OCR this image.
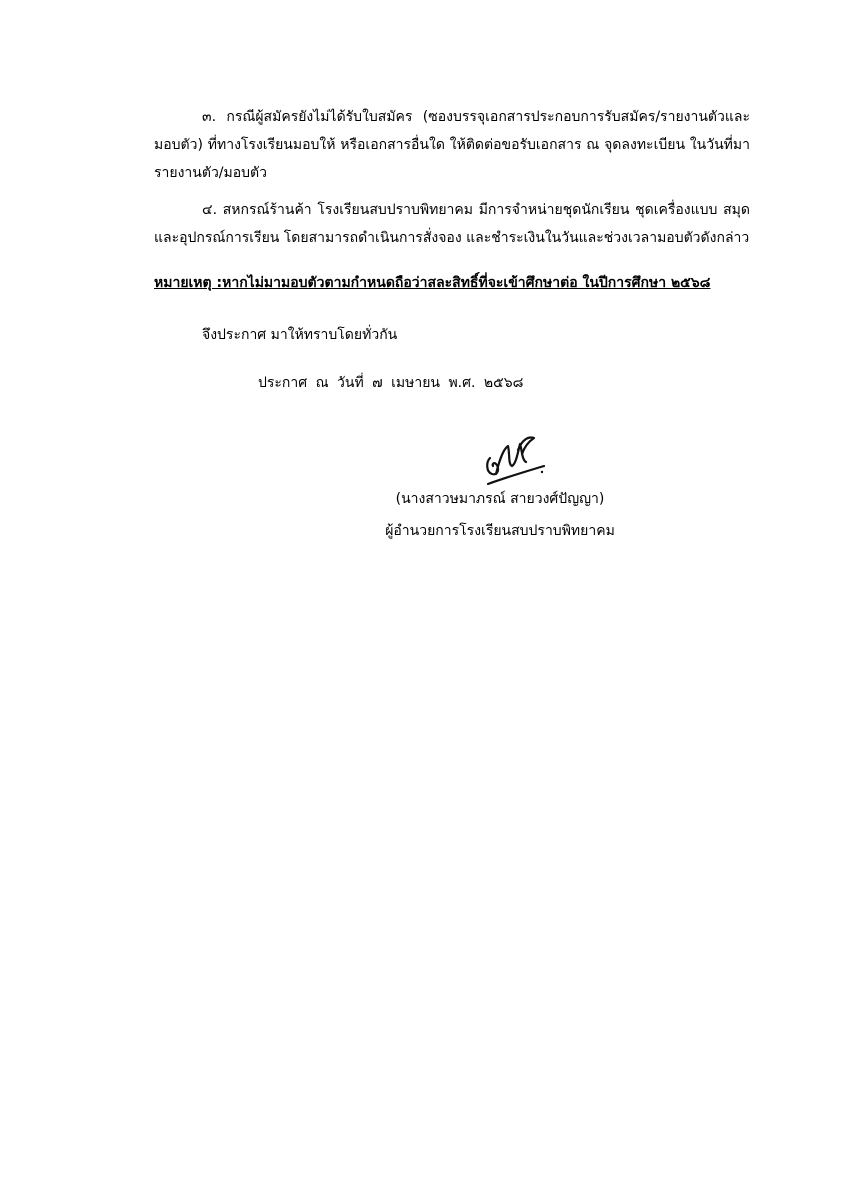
๓. กรณีผู้สมัครยังไม่ได้รับใบสมัคร (ซองบรรจุเอกสารประกอบการรับสมัคร/รายงานตัวและมอบตัว) ที่ทางโรงเรียนมอบให้ หรือเอกสารอื่นใด ให้ติดต่อขอรับเอกสาร ณ จุดลงทะเบียน ในวันที่มารายงานตัว/มอบตัว

๔. สหกรณ์ร้านค้า โรงเรียนสบปราบพิทยาคม มีการจำหน่ายชุดนักเรียน ชุดเครื่องแบบ สมุดและอุปกรณ์การเรียน โดยสามารถดำเนินการสั่งจอง และชำระเงินในวันและช่วงเวลามอบตัวดังกล่าว

หมายเหตุ :หากไม่มามอบตัวตามกำหนดถือว่าสละสิทธิ์ที่จะเข้าศึกษาต่อ ในปีการศึกษา ๒๕๖๘

จึงประกาศ มาให้ทราบโดยทั่วกัน

ประกาศ ณ วันที่ ๗ เมษายน พ.ศ. ๒๕๖๘

(นางสาวษมาภรณ์ สายวงศ์ปัญญา)

ผู้อำนวยการโรงเรียนสบปราบพิทยาคม
